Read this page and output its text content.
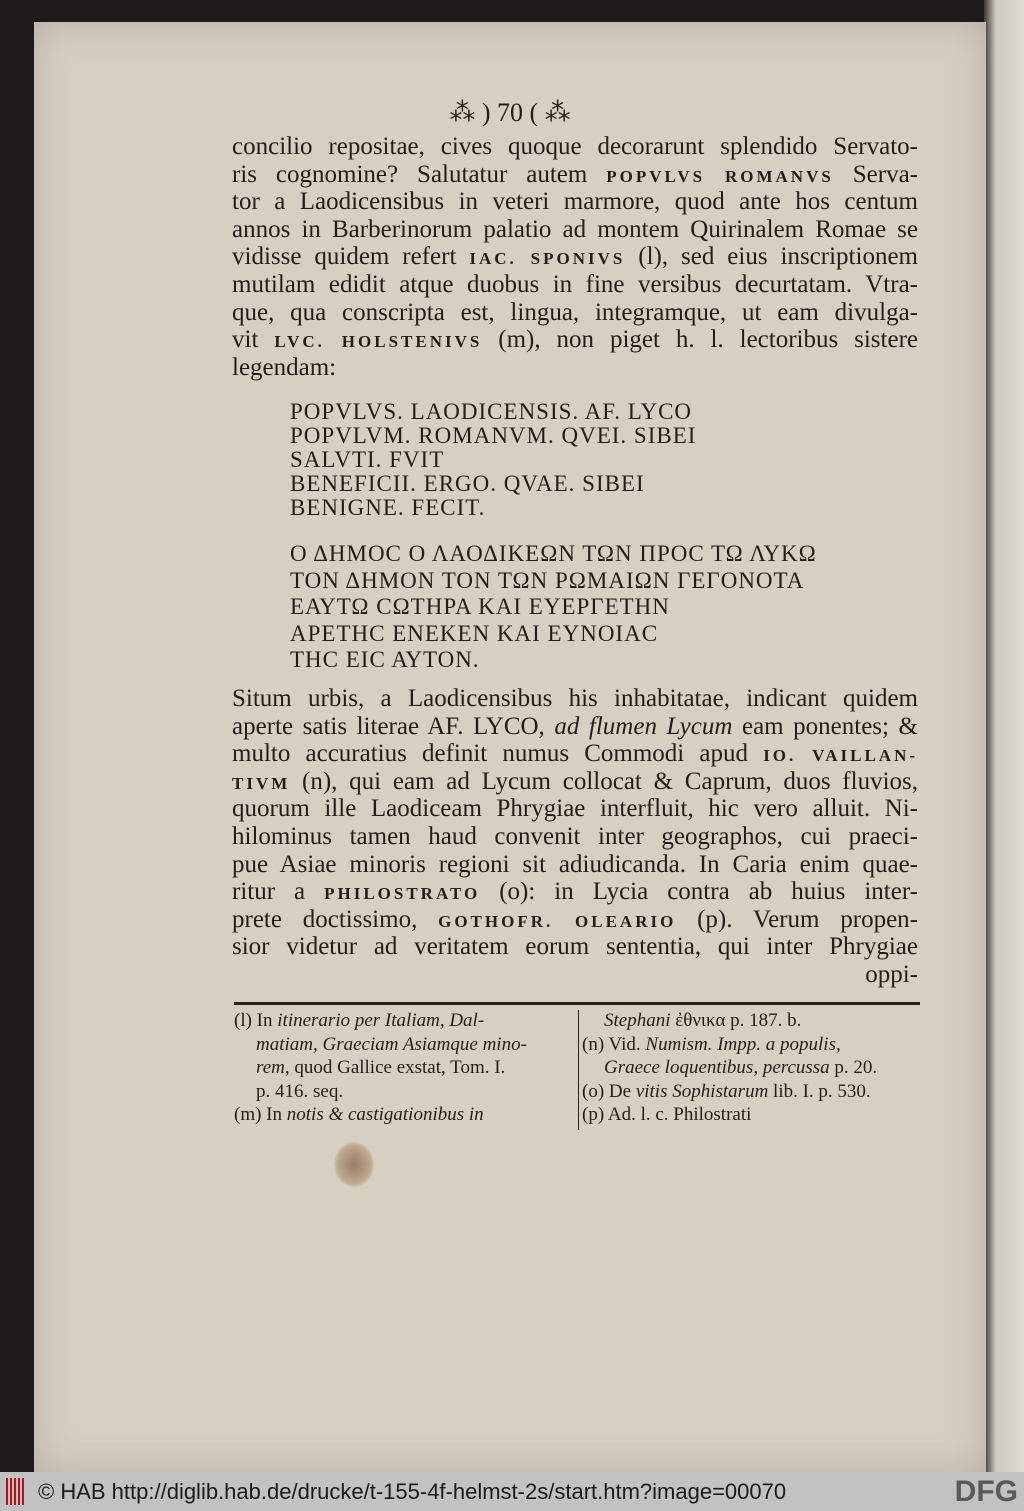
⁂ ) 70 ( ⁂
concilio repositae, cives quoque decorarunt splendido Servato-
ris cognomine? Salutatur autem POPVLVS ROMANVS Serva-
tor a Laodicensibus in veteri marmore, quod ante hos centum
annos in Barberinorum palatio ad montem Quirinalem Romae se
vidisse quidem refert IAC. SPONIVS (l), sed eius inscriptionem
mutilam edidit atque duobus in fine versibus decurtatam. Vtra-
que, qua conscripta est, lingua, integramque, ut eam divulga-
vit LVC. HOLSTENIVS (m), non piget h. l. lectoribus sistere
legendam:
POPVLVS. LAODICENSIS. AF. LYCO
POPVLVM. ROMANVM. QVEI. SIBEI
SALVTI. FVIT
BENEFICII. ERGO. QVAE. SIBEI
BENIGNE. FECIT.
Ο ΔΗΜΟϹ Ο ΛΑΟΔΙΚΕΩΝ ΤΩΝ ΠΡΟϹ ΤΩ ΛΥΚΩ
ΤΟΝ ΔΗΜΟΝ ΤΟΝ ΤΩΝ ΡΩΜΑΙΩΝ ΓΕΓΟΝΟΤΑ
ΕΑΥΤΩ ϹΩΤΗΡΑ ΚΑΙ ΕΥΕΡΓΕΤΗΝ
ΑΡΕΤΗϹ ΕΝΕΚΕΝ ΚΑΙ ΕΥΝΟΙΑϹ
ΤΗϹ ΕΙϹ ΑΥΤΟΝ.
Situm urbis, a Laodicensibus his inhabitatae, indicant quidem
aperte satis literae AF. LYCO, ad flumen Lycum eam ponentes; &
multo accuratius definit numus Commodi apud IO. VAILLAN-
TIVM (n), qui eam ad Lycum collocat & Caprum, duos fluvios,
quorum ille Laodiceam Phrygiae interfluit, hic vero alluit. Ni-
hilominus tamen haud convenit inter geographos, cui praeci-
pue Asiae minoris regioni sit adiudicanda. In Caria enim quae-
ritur a PHILOSTRATO (o): in Lycia contra ab huius inter-
prete doctissimo, GOTHOFR. OLEARIO (p). Verum propen-
sior videtur ad veritatem eorum sententia, qui inter Phrygiae
oppi-
(l) In itinerario per Italiam, Dal-
matiam, Graeciam Asiamque mino-
rem, quod Gallice exstat, Tom. I.
p. 416. seq.
(m) In notis & castigationibus in
Stephani ἐθνικα p. 187. b.
(n) Vid. Numism. Impp. a populis,
Graece loquentibus, percussa p. 20.
(o) De vitis Sophistarum lib. I. p. 530.
(p) Ad. l. c. Philostrati
© HAB http://diglib.hab.de/drucke/t-155-4f-helmst-2s/start.htm?image=00070	DFG
